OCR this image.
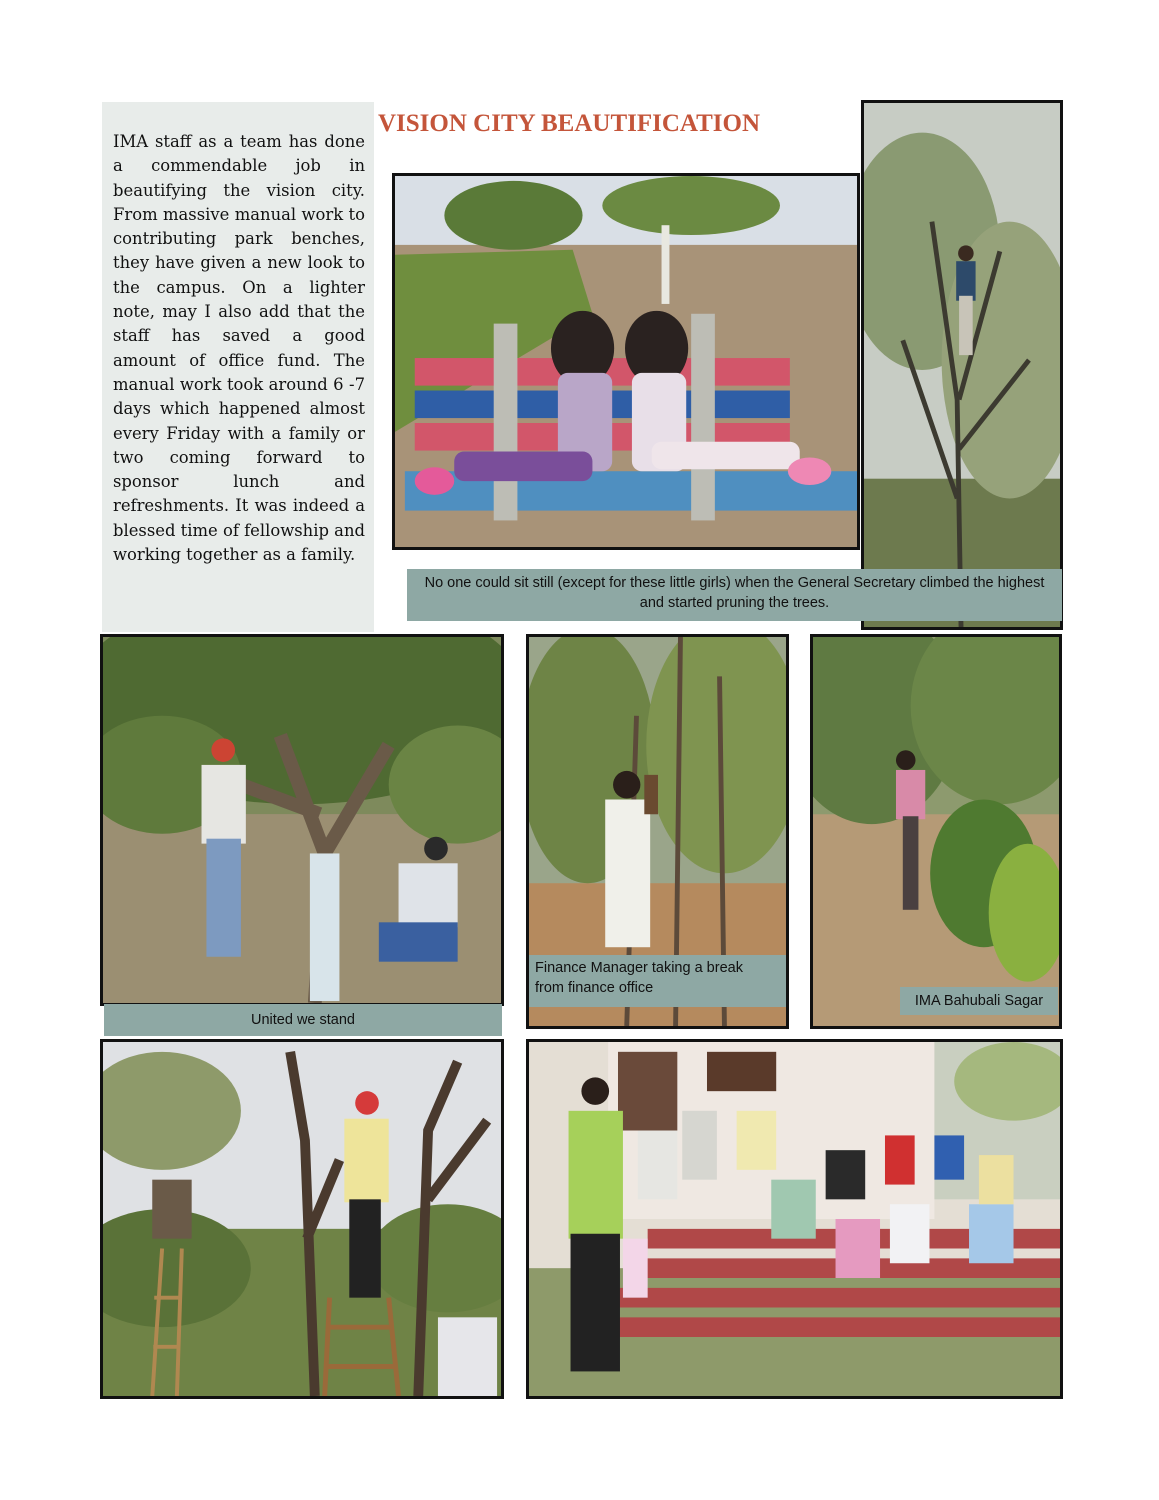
IMA staff as a team has done a commendable job in beautifying the vision city. From massive manual work to contributing park benches, they have given a new look to the campus. On a lighter note, may I also add that the staff has saved a good amount of office fund. The manual work took around 6 -7 days which happened almost every Friday with a family or two coming forward to sponsor lunch and refreshments. It was indeed a blessed time of fellowship and working together as a family.

VISION CITY BEAUTIFICATION
No one could sit still (except for these little girls) when the General Secretary climbed the highest and started pruning the trees.
United we stand
Finance Manager taking a break
from finance office
IMA Bahubali Sagar
